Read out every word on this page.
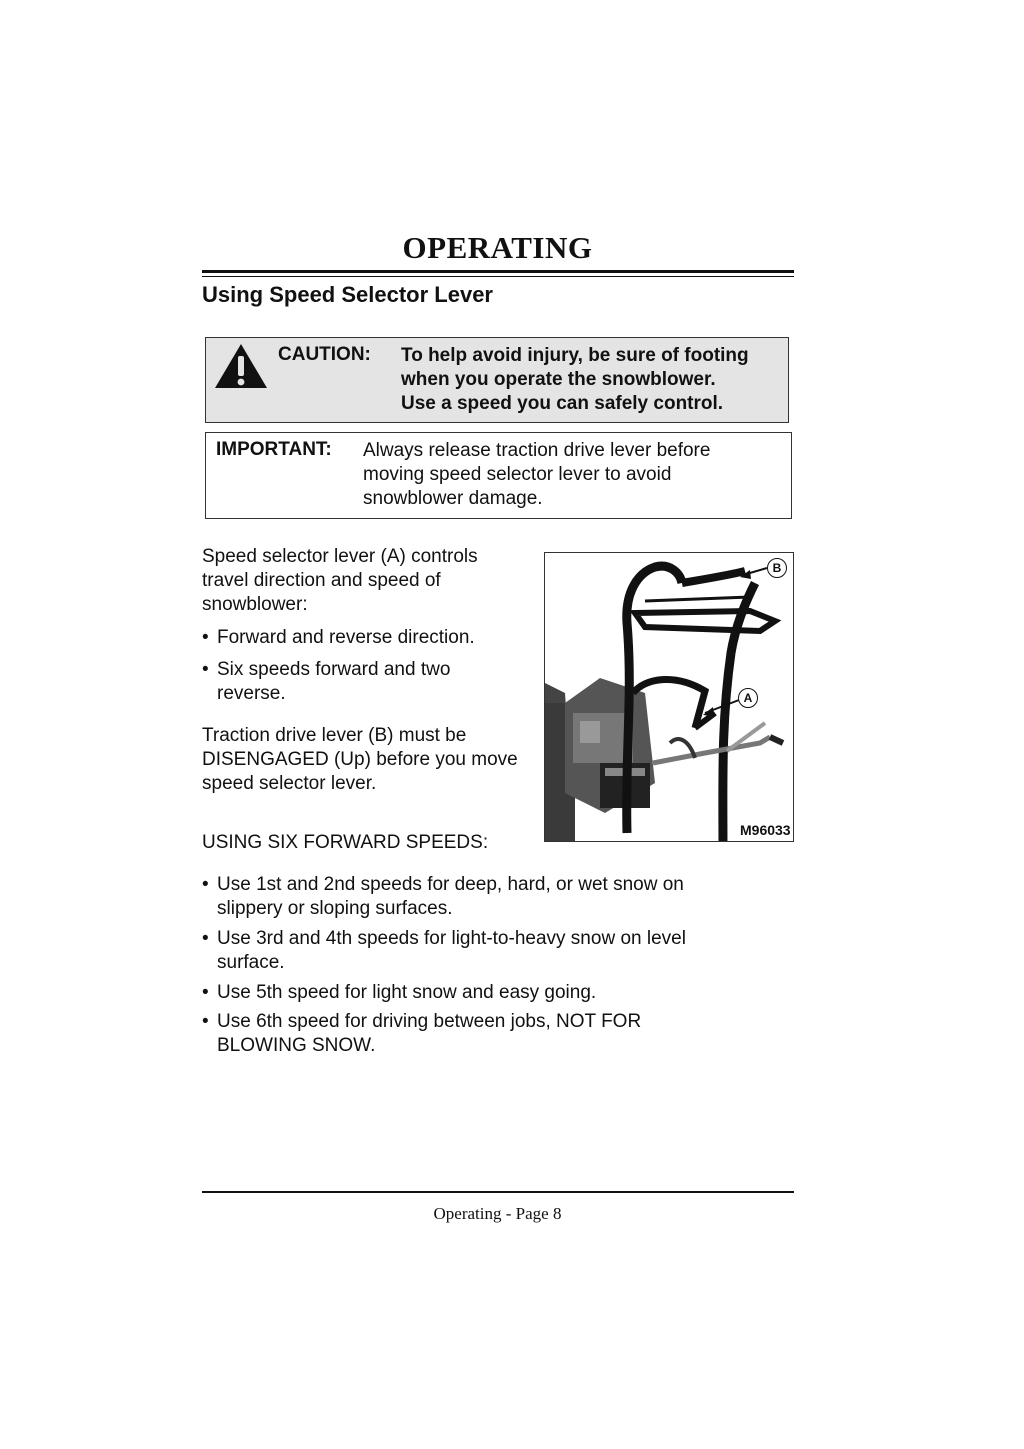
OPERATING
Using Speed Selector Lever
CAUTION: To help avoid injury, be sure of footing
when you operate the snowblower.
Use a speed you can safely control.
IMPORTANT: Always release traction drive lever before
moving speed selector lever to avoid
snowblower damage.
Speed selector lever (A) controls
travel direction and speed of
snowblower:
• Forward and reverse direction.
• Six speeds forward and two
reverse.
Traction drive lever (B) must be
DISENGAGED (Up) before you move
speed selector lever.
USING SIX FORWARD SPEEDS:
• Use 1st and 2nd speeds for deep, hard, or wet snow on
slippery or sloping surfaces.
• Use 3rd and 4th speeds for light-to-heavy snow on level
surface.
• Use 5th speed for light snow and easy going.
• Use 6th speed for driving between jobs, NOT FOR
BLOWING SNOW.
B
A
M96033
Operating - Page 8
